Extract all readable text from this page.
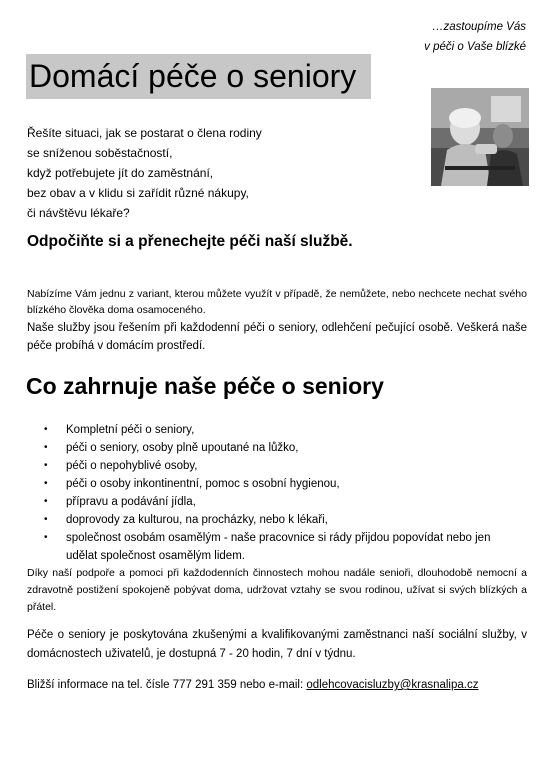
…zastoupíme Vás
v péči o Vaše blízké
Domácí péče o seniory
Řešíte situaci, jak se postarat o člena rodiny
se sníženou soběstačností,
když potřebujete jít do zaměstnání,
bez obav a v klidu si zařídit různé nákupy,
či návštěvu lékaře?
Odpočiňte si a přenechejte péči naší službě.
Nabízíme Vám jednu z variant, kterou můžete využít v případě, že nemůžete, nebo nechcete nechat svého blízkého člověka doma osamoceného.
Naše služby jsou řešením při každodenní péči o seniory, odlehčení pečující osobě. Veškerá naše péče probíhá v domácím prostředí.
Co zahrnuje naše péče o seniory
• Kompletní péči o seniory,
• péči o seniory, osoby plně upoutané na lůžko,
• péči o nepohyblivé osoby,
• péči o osoby inkontinentní, pomoc s osobní hygienou,
• přípravu a podávání jídla,
• doprovody za kulturou, na procházky, nebo k lékaři,
• společnost osobám osamělým - naše pracovnice si rády přijdou popovídat nebo jen udělat společnost osamělým lidem.
Díky naší podpoře a pomoci při každodenních činnostech mohou nadále senioři, dlouhodobě nemocní a zdravotně postižení spokojeně pobývat doma, udržovat vztahy se svou rodinou, užívat si svých blízkých a přátel.
Péče o seniory je poskytována zkušenými a kvalifikovanými zaměstnanci naší sociální služby, v domácnostech uživatelů, je dostupná 7 - 20 hodin, 7 dní v týdnu.
Bližší informace na tel. čísle 777 291 359 nebo e-mail: odlehcovacisluzby@krasnalipa.cz
